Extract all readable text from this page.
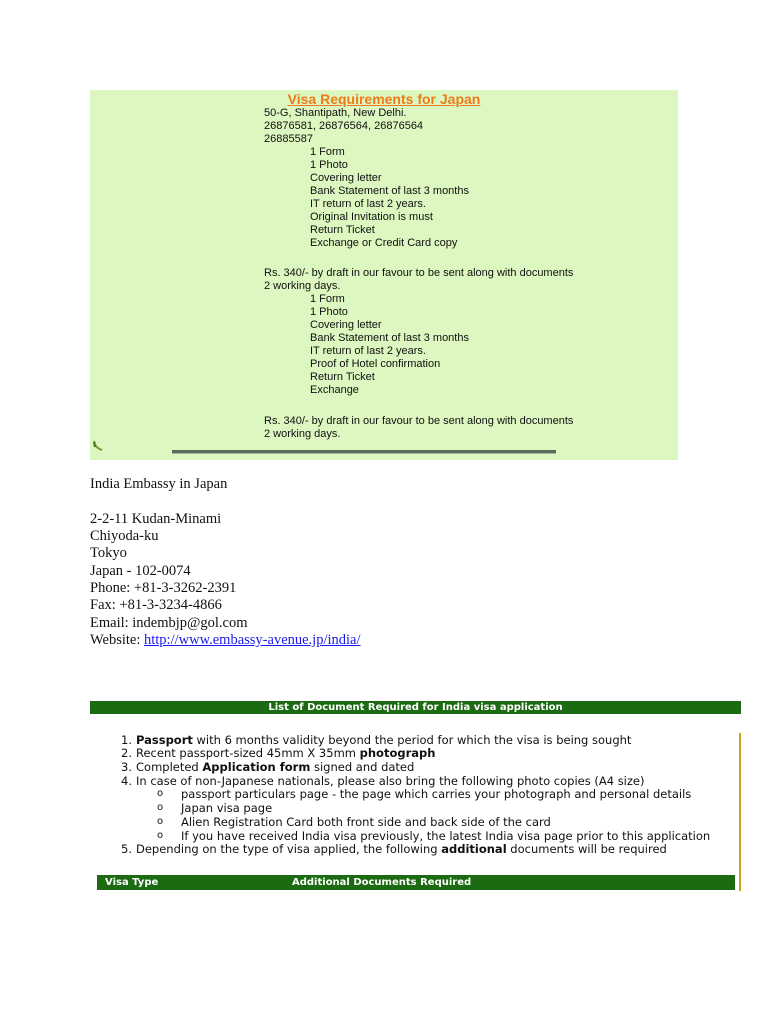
Visa Requirements for Japan
50-G, Shantipath, New Delhi.
26876581, 26876564, 26876564
26885587
1 Form
1 Photo
Covering letter
Bank Statement of last 3 months
IT return of last 2 years.
Original Invitation is must
Return Ticket
Exchange or Credit Card copy
Rs. 340/- by draft in our favour to be sent along with documents
2 working days.
1 Form
1 Photo
Covering letter
Bank Statement of last 3 months
IT return of last 2 years.
Proof of Hotel confirmation
Return Ticket
Exchange
Rs. 340/- by draft in our favour to be sent along with documents
2 working days.
India Embassy in Japan
2-2-11 Kudan-Minami
Chiyoda-ku
Tokyo
Japan - 102-0074
Phone: +81-3-3262-2391
Fax: +81-3-3234-4866
Email: indembjp@gol.com
Website: http://www.embassy-avenue.jp/india/
List of Document Required for India visa application
1. Passport with 6 months validity beyond the period for which the visa is being sought
2. Recent passport-sized 45mm X 35mm photograph
3. Completed Application form signed and dated
4. In case of non-Japanese nationals, please also bring the following photo copies (A4 size)
o passport particulars page - the page which carries your photograph and personal details
o Japan visa page
o Alien Registration Card both front side and back side of the card
o If you have received India visa previously, the latest India visa page prior to this application
5. Depending on the type of visa applied, the following additional documents will be required
Visa Type	Additional Documents Required
